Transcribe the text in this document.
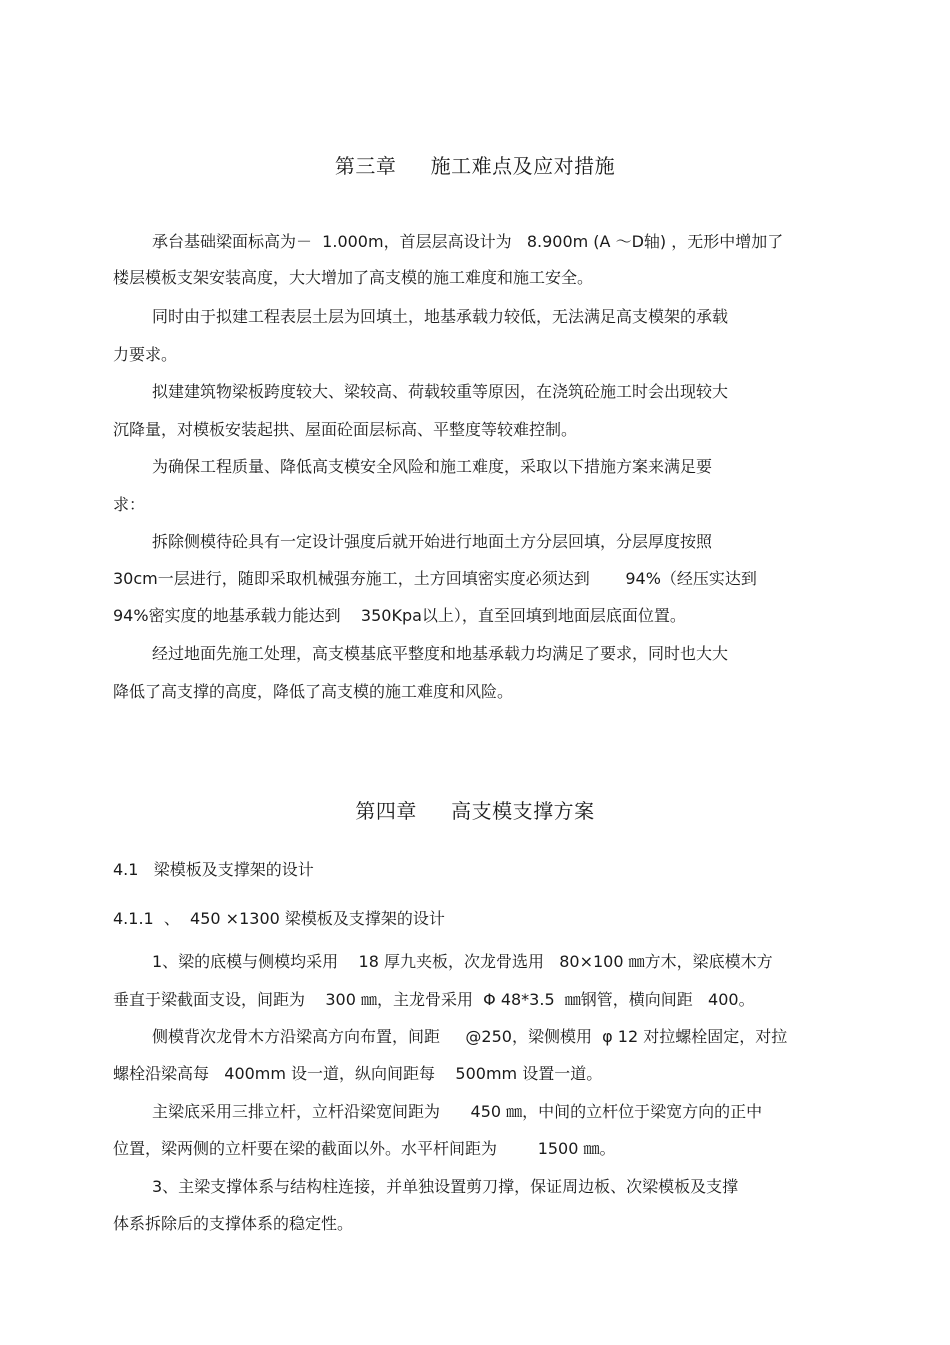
第三章     施工难点及应对措施
承台基础梁面标高为－  1.000m，首层层高设计为   8.900m (A ～D轴) ，无形中增加了
楼层模板支架安装高度，大大增加了高支模的施工难度和施工安全。
同时由于拟建工程表层土层为回填土，地基承载力较低，无法满足高支模架的承载
力要求。
拟建建筑物梁板跨度较大、梁较高、荷载较重等原因，在浇筑砼施工时会出现较大
沉降量，对模板安装起拱、屋面砼面层标高、平整度等较难控制。
为确保工程质量、降低高支模安全风险和施工难度，采取以下措施方案来满足要
求：
拆除侧模待砼具有一定设计强度后就开始进行地面土方分层回填，分层厚度按照
30cm一层进行，随即采取机械强夯施工，土方回填密实度必须达到       94%（经压实达到
94%密实度的地基承载力能达到    350Kpa以上），直至回填到地面层底面位置。
经过地面先施工处理，高支模基底平整度和地基承载力均满足了要求，同时也大大
降低了高支撑的高度，降低了高支模的施工难度和风险。
第四章     高支模支撑方案
4.1   梁模板及支撑架的设计
4.1.1  、  450 ×1300 梁模板及支撑架的设计
1、梁的底模与侧模均采用    18 厚九夹板，次龙骨选用   80×100 ㎜方木，梁底模木方
垂直于梁截面支设，间距为    300 ㎜，主龙骨采用  Φ 48*3.5  ㎜钢管，横向间距   400。
侧模背次龙骨木方沿梁高方向布置，间距     @250，梁侧模用  φ 12 对拉螺栓固定，对拉
螺栓沿梁高每   400mm 设一道，纵向间距每    500mm 设置一道。
主梁底采用三排立杆，立杆沿梁宽间距为      450 ㎜，中间的立杆位于梁宽方向的正中
位置，梁两侧的立杆要在梁的截面以外。水平杆间距为        1500 ㎜。
3、主梁支撑体系与结构柱连接，并单独设置剪刀撑，保证周边板、次梁模板及支撑
体系拆除后的支撑体系的稳定性。
